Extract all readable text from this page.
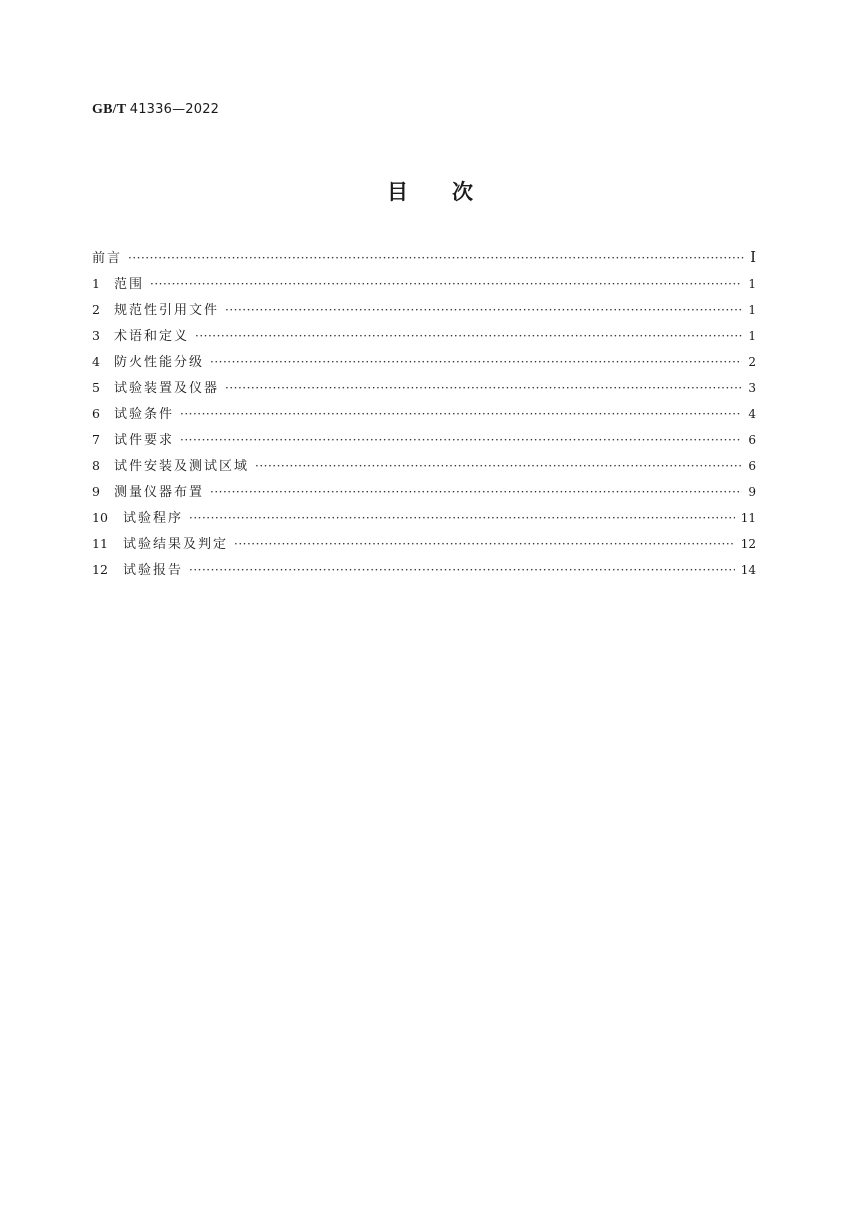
GB/T 41336—2022
目 次
前言 ·····	Ⅰ
1	范围 ·····	1
2	规范性引用文件 ·····	1
3	术语和定义 ·····	1
4	防火性能分级 ·····	2
5	试验装置及仪器 ·····	3
6	试验条件 ·····	4
7	试件要求 ·····	6
8	试件安装及测试区域 ·····	6
9	测量仪器布置 ·····	9
10	试验程序 ·····	11
11	试验结果及判定 ·····	12
12	试验报告 ·····	14
